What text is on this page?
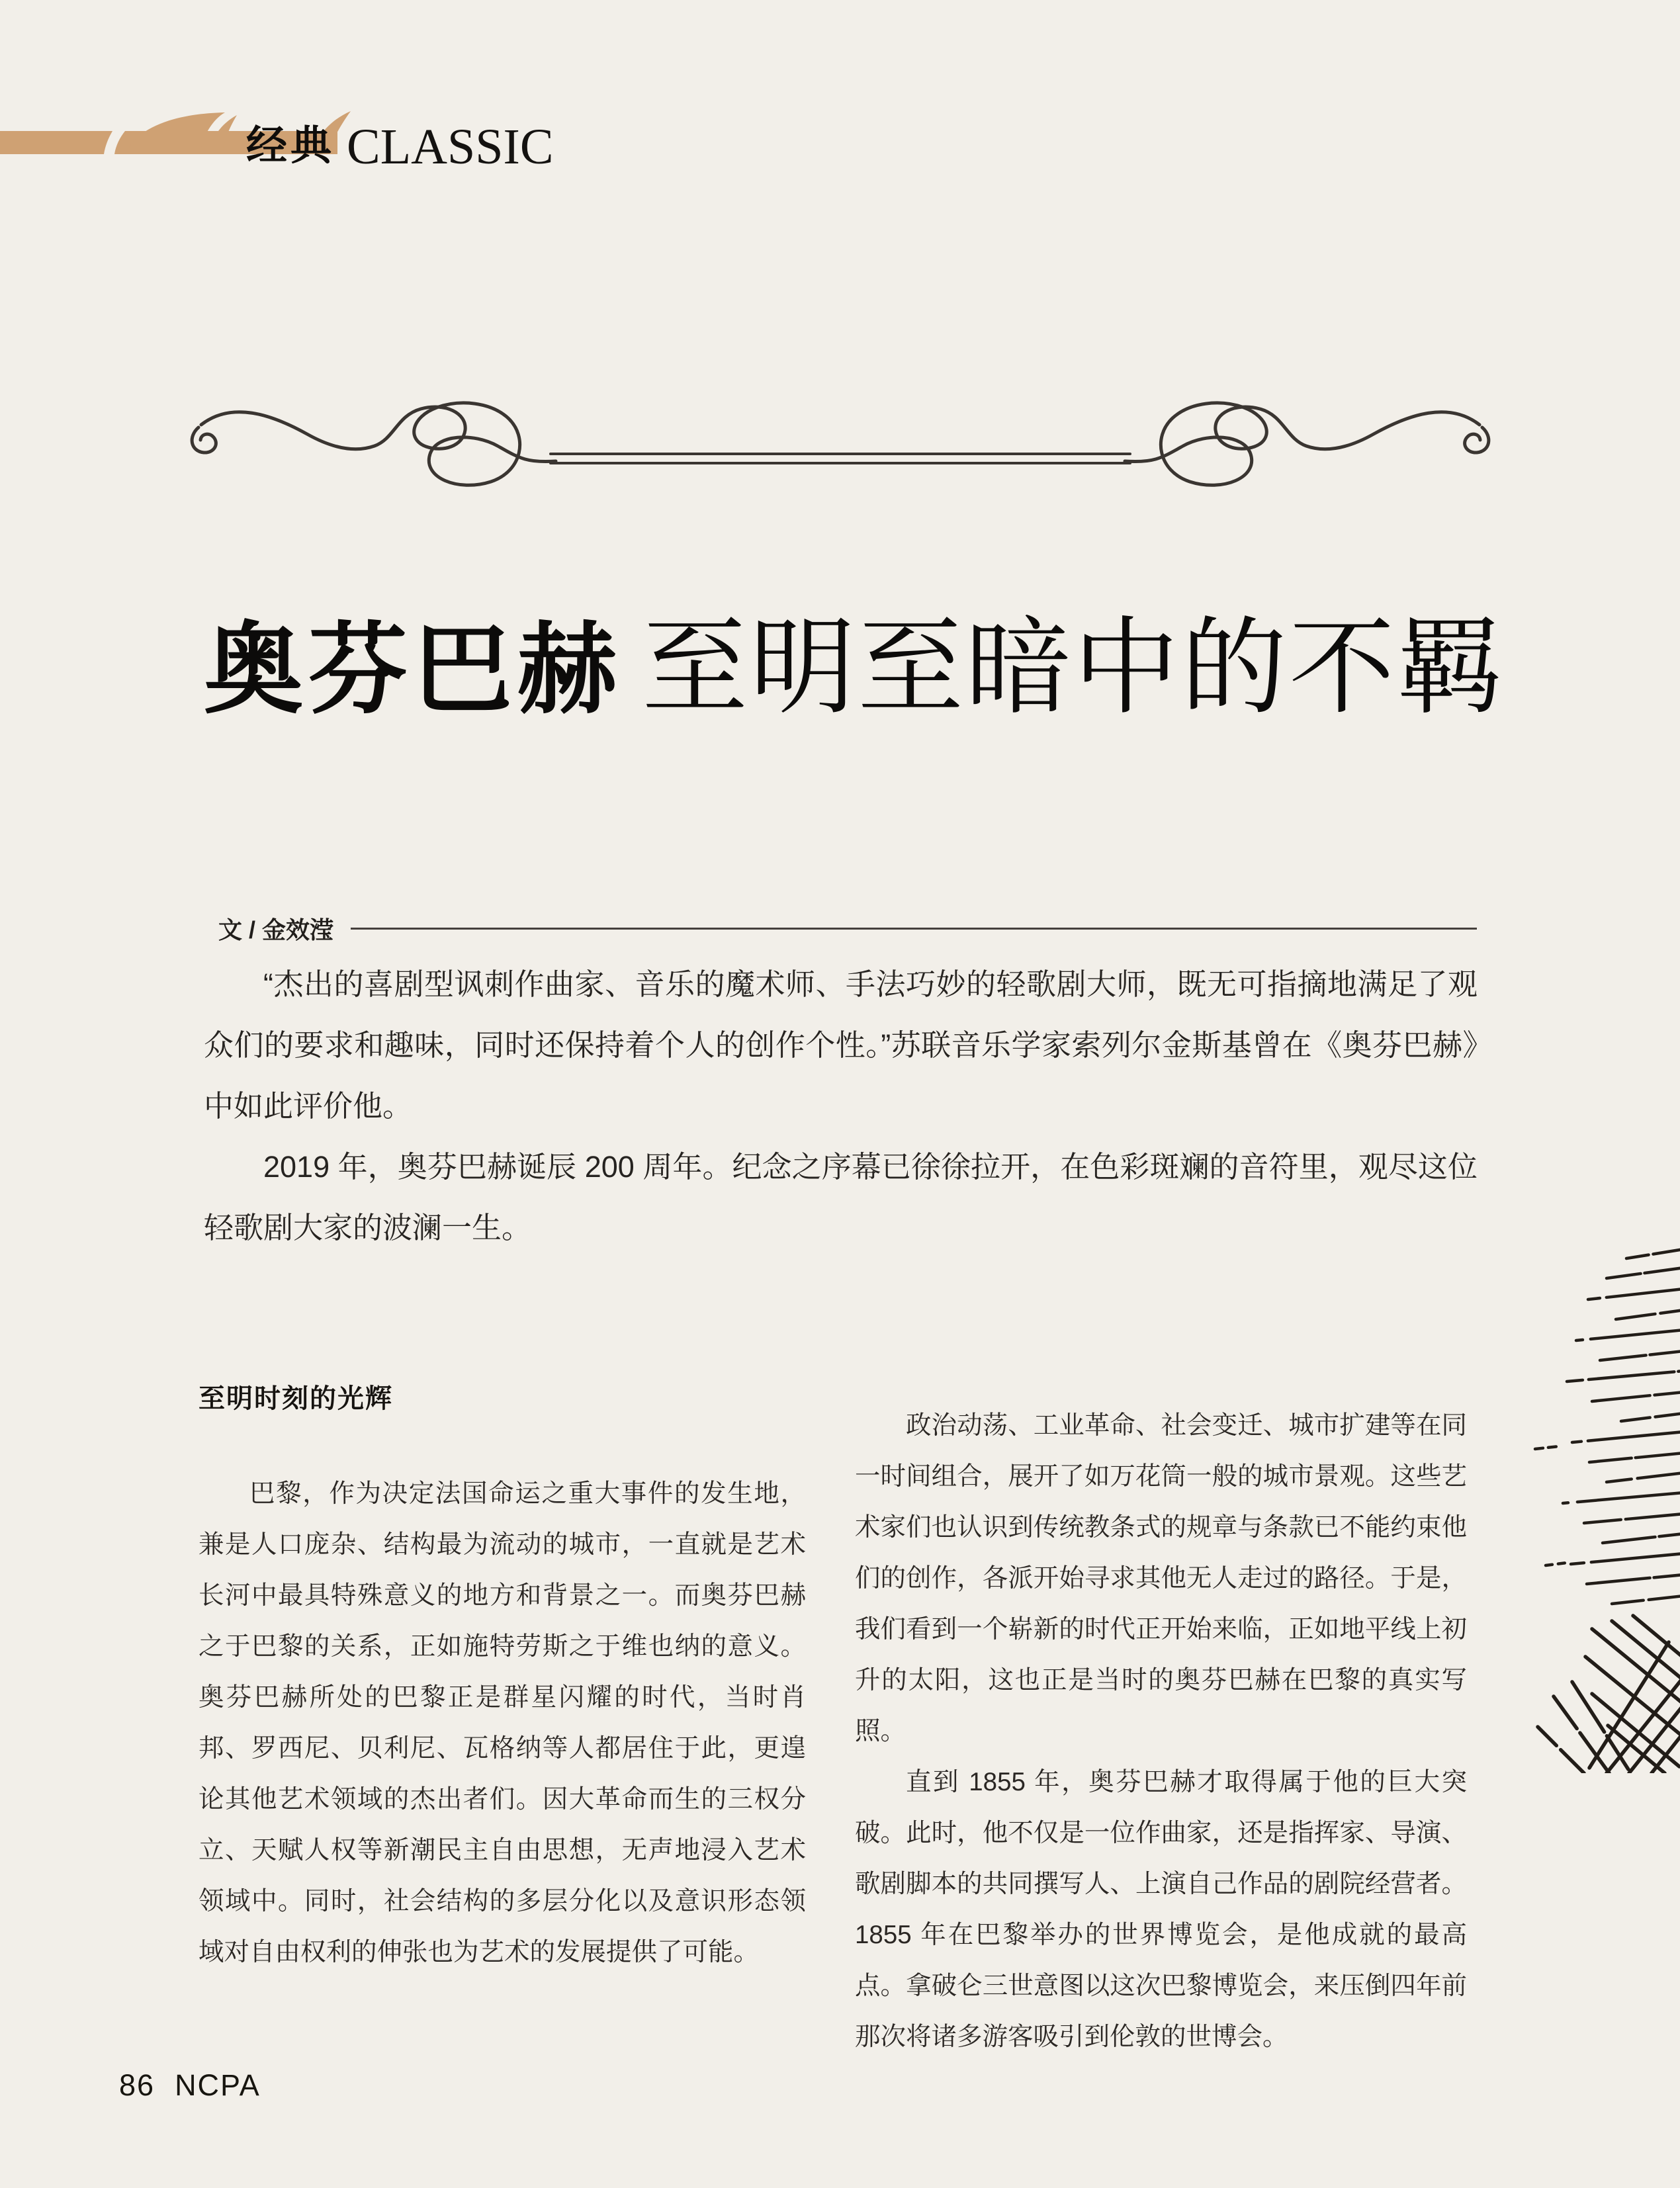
经典 CLASSIC
奥芬巴赫 至明至暗中的不羁
文 / 金效滢

“杰出的喜剧型讽刺作曲家、音乐的魔术师、手法巧妙的轻歌剧大师，既无可指摘地满足了观众们的要求和趣味，同时还保持着个人的创作个性。”苏联音乐学家索列尔金斯基曾在《奥芬巴赫》中如此评价他。

2019 年，奥芬巴赫诞辰 200 周年。纪念之序幕已徐徐拉开，在色彩斑斓的音符里，观尽这位轻歌剧大家的波澜一生。

至明时刻的光辉

巴黎，作为决定法国命运之重大事件的发生地，兼是人口庞杂、结构最为流动的城市，一直就是艺术长河中最具特殊意义的地方和背景之一。而奥芬巴赫之于巴黎的关系，正如施特劳斯之于维也纳的意义。奥芬巴赫所处的巴黎正是群星闪耀的时代，当时肖邦、罗西尼、贝利尼、瓦格纳等人都居住于此，更遑论其他艺术领域的杰出者们。因大革命而生的三权分立、天赋人权等新潮民主自由思想，无声地浸入艺术领域中。同时，社会结构的多层分化以及意识形态领域对自由权利的伸张也为艺术的发展提供了可能。

政治动荡、工业革命、社会变迁、城市扩建等在同一时间组合，展开了如万花筒一般的城市景观。这些艺术家们也认识到传统教条式的规章与条款已不能约束他们的创作，各派开始寻求其他无人走过的路径。于是，我们看到一个崭新的时代正开始来临，正如地平线上初升的太阳，这也正是当时的奥芬巴赫在巴黎的真实写照。

直到 1855 年，奥芬巴赫才取得属于他的巨大突破。此时，他不仅是一位作曲家，还是指挥家、导演、歌剧脚本的共同撰写人、上演自己作品的剧院经营者。1855 年在巴黎举办的世界博览会，是他成就的最高点。拿破仑三世意图以这次巴黎博览会，来压倒四年前那次将诸多游客吸引到伦敦的世博会。

86 NCPA
